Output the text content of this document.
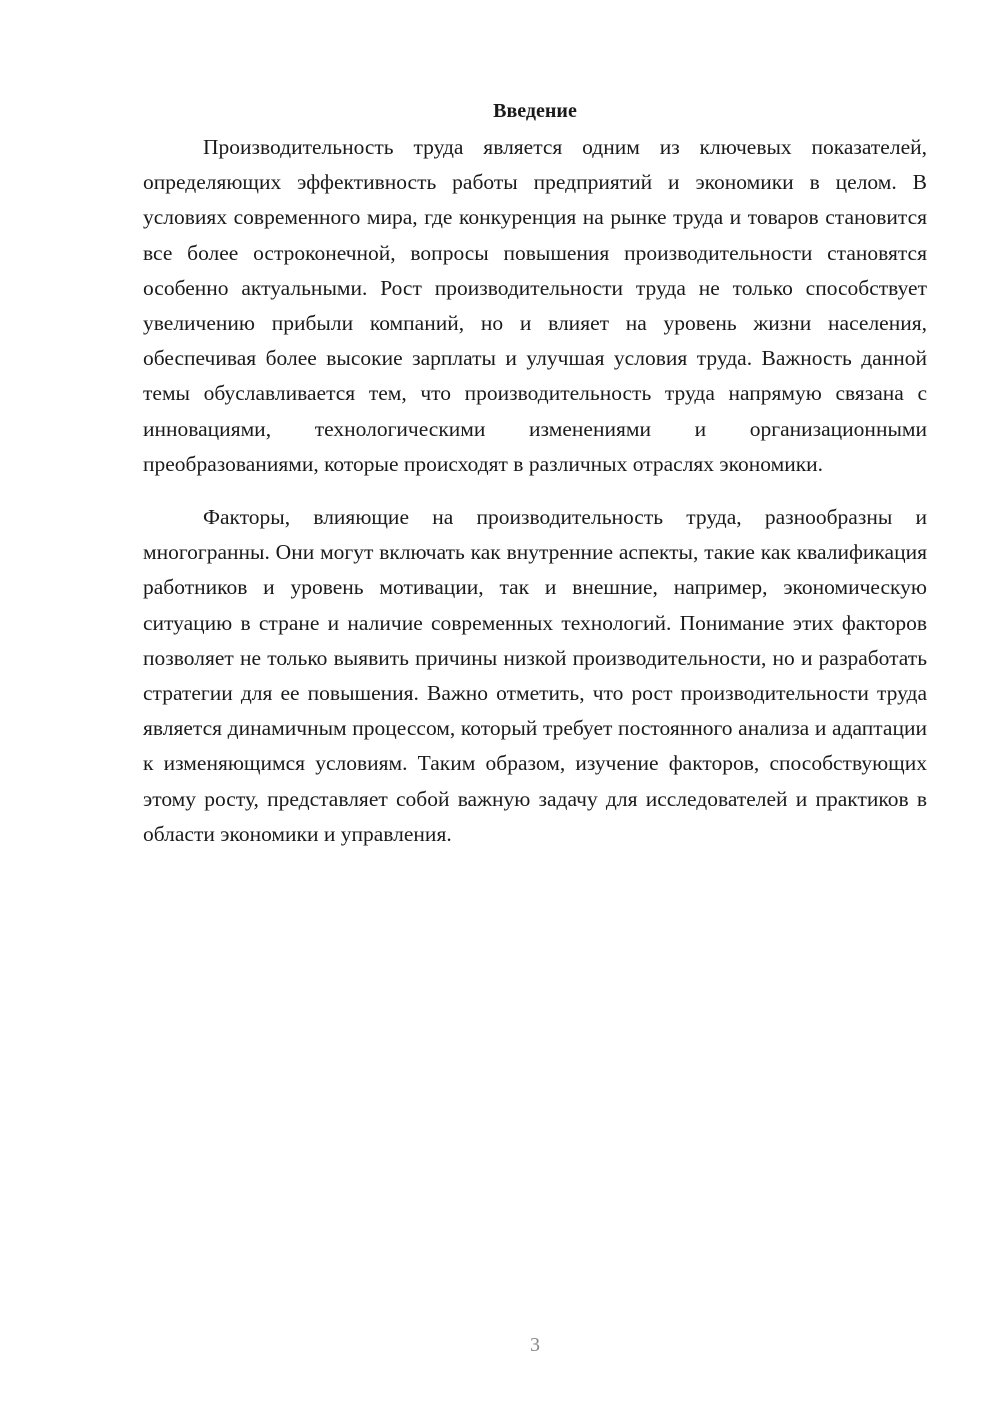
Введение

Производительность труда является одним из ключевых показателей, определяющих эффективность работы предприятий и экономики в целом. В условиях современного мира, где конкуренция на рынке труда и товаров становится все более остроконечной, вопросы повышения производительности становятся особенно актуальными. Рост производительности труда не только способствует увеличению прибыли компаний, но и влияет на уровень жизни населения, обеспечивая более высокие зарплаты и улучшая условия труда. Важность данной темы обуславливается тем, что производительность труда напрямую связана с инновациями, технологическими изменениями и организационными преобразованиями, которые происходят в различных отраслях экономики.

Факторы, влияющие на производительность труда, разнообразны и многогранны. Они могут включать как внутренние аспекты, такие как квалификация работников и уровень мотивации, так и внешние, например, экономическую ситуацию в стране и наличие современных технологий. Понимание этих факторов позволяет не только выявить причины низкой производительности, но и разработать стратегии для ее повышения. Важно отметить, что рост производительности труда является динамичным процессом, который требует постоянного анализа и адаптации к изменяющимся условиям. Таким образом, изучение факторов, способствующих этому росту, представляет собой важную задачу для исследователей и практиков в области экономики и управления.

3
